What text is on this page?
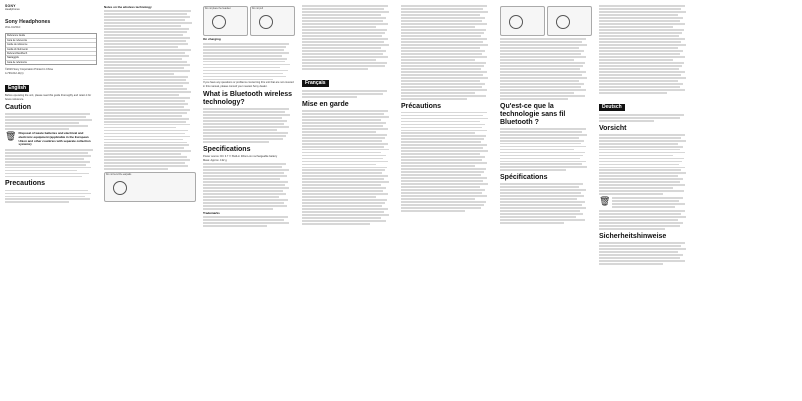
SONY
Headphones
Sony Headphones
WH-CH510
Reference Guide
Guía de referencia
Guide de référence
Guida di riferimento
Referenzhandbuch
Naslaggids
Guia de referência
©2019 Sony Corporation Printed in China
4-739-012-11(1)
English
Before operating the unit, please read this guide thoroughly and retain it for future reference.
Caution
🗑 Disposal of waste batteries and electrical and electronic equipment (applicable in the European Union and other countries with separate collection systems)
Precautions
Notes on the wireless technology
Do not bend the earpads
Do not place the headset	Do not pull
On charging
If you have any questions or problems concerning this unit that are not covered in this manual, please consult your nearest Sony dealer.
What is Bluetooth wireless technology?
Specifications
Power source: DC 3.7 V: Built-in lithium-ion rechargeable battery
Mass: Approx. 132 g
Trademarks
Français
Mise en garde	Précautions	Qu'est-ce que la technologie sans fil Bluetooth ?
Spécifications
Deutsch
Vorsicht
🗑
Sicherheitshinweise
